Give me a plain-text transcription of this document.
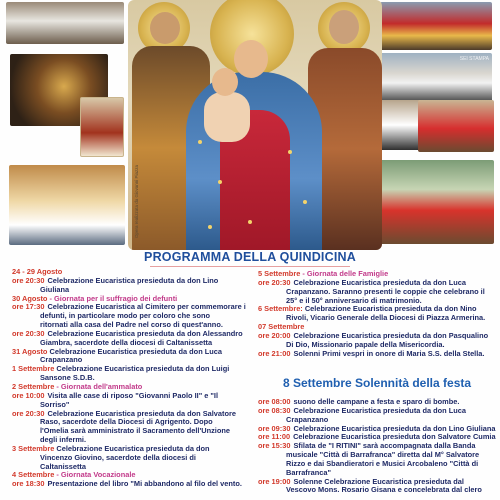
SEI STAMPA
Opera realizzata da Giovanni Piazza
PROGRAMMA DELLA QUINDICINA
24 - 29 Agosto
ore 20:30 Celebrazione Eucaristica presieduta da don Lino
Giuliana
30 Agosto - Giornata per il suffragio dei defunti
ore 17:30 Celebrazione Eucaristica al Cimitero per commemorare i
defunti, in particolare modo per coloro che sono
ritornati alla casa del Padre nel corso di quest'anno.
ore 20:30 Celebrazione Eucaristica presieduta da don Alessandro
Giambra, sacerdote della diocesi di Caltanissetta
31 Agosto Celebrazione Eucaristica presieduta da don Luca
Crapanzano
1 Settembre Celebrazione Eucaristica presieduta da don Luigi
Sansone S.D.B.
2 Settembre - Giornata dell'ammalato
ore 10:00 Visita alle case di riposo "Giovanni Paolo II" e "Il
Sorriso"
ore 20:30 Celebrazione Eucaristica presieduta da don Salvatore
Raso, sacerdote della Diocesi di Agrigento. Dopo
l'Omelia sarà amministrato il Sacramento dell'Unzione
degli infermi.
3 Settembre Celebrazione Eucaristica presieduta da don
Vincenzo Giovino, sacerdote della diocesi di
Caltanissetta
4 Settembre - Giornata Vocazionale
ore 18:30 Presentazione del libro "Mi abbandono al filo del vento.
5 Settembre - Giornata delle Famiglie
ore 20:30 Celebrazione Eucaristica presieduta da don Luca
Crapanzano. Saranno presenti le coppie che celebrano il
25° e il 50° anniversario di matrimonio.
6 Settembre: Celebrazione Eucaristica presieduta da don Nino
Rivoli, Vicario Generale della Diocesi di Piazza Armerina.
07 Settembre
ore 20:00 Celebrazione Eucaristica presieduta da don Pasqualino
Di Dio, Missionario papale della Misericordia.
ore 21:00 Solenni Primi vespri in onore di Maria S.S. della Stella.
8 Settembre Solennità della festa
ore 08:00 suono delle campane a festa e sparo di bombe.
ore 08:30 Celebrazione Eucaristica presieduta da don Luca
Crapanzano
ore 09:30 Celebrazione Eucaristica presieduta da don Lino Giuliana
ore 11:00 Celebrazione Eucaristica presieduta don Salvatore Cumia
ore 15:30 Sfilata de "I RITINI" sarà accompagnata dalla Banda
musicale "Città di Barrafranca" diretta dal M° Salvatore
Rizzo e dai Sbandieratori e Musici Arcobaleno "Città di
Barrafranca"
ore 19:00 Solenne Celebrazione Eucaristica presieduta dal
Vescovo Mons. Rosario Gisana e concelebrata dal clero
